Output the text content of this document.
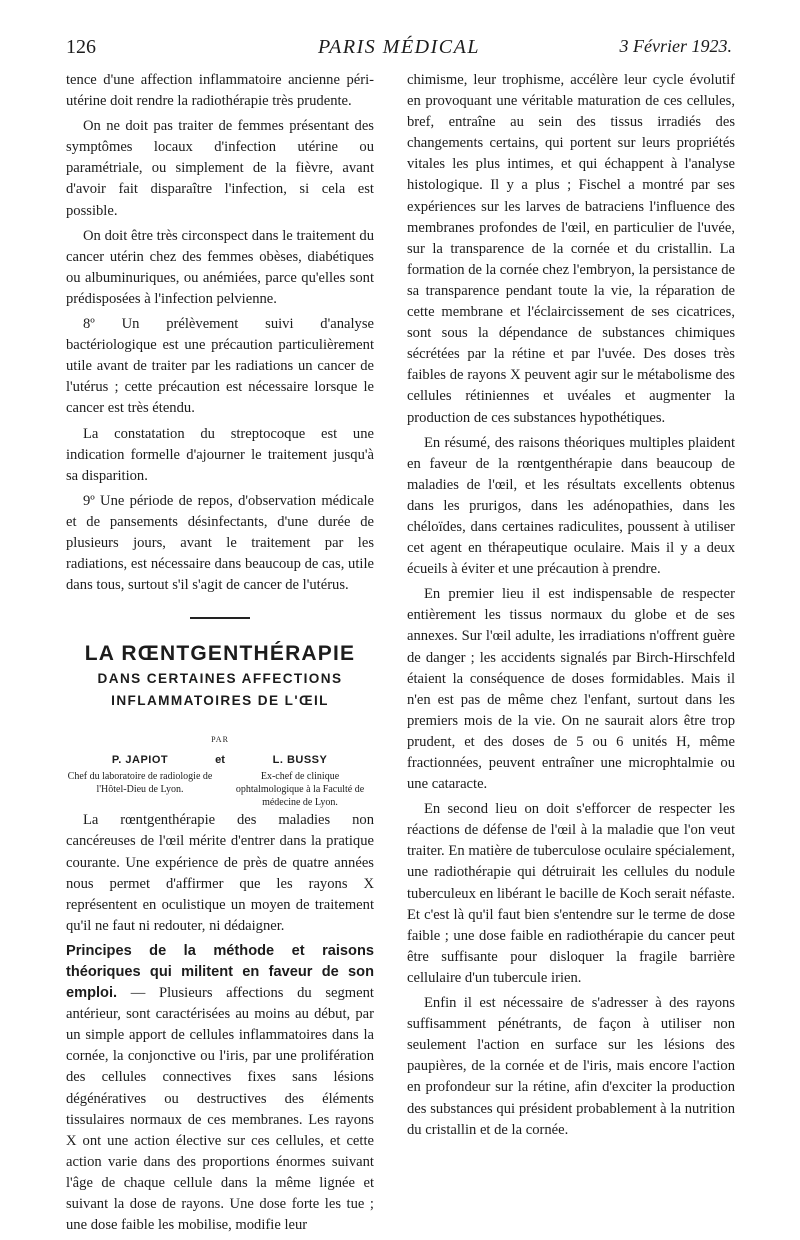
126	PARIS MÉDICAL	3 Février 1923.

tence d'une affection inflammatoire ancienne péri-utérine doit rendre la radiothérapie très prudente.

On ne doit pas traiter de femmes présentant des symptômes locaux d'infection utérine ou paramétriale, ou simplement de la fièvre, avant d'avoir fait disparaître l'infection, si cela est possible.

On doit être très circonspect dans le traitement du cancer utérin chez des femmes obèses, diabétiques ou albuminuriques, ou anémiées, parce qu'elles sont prédisposées à l'infection pelvienne.

8º Un prélèvement suivi d'analyse bactériologique est une précaution particulièrement utile avant de traiter par les radiations un cancer de l'utérus ; cette précaution est nécessaire lorsque le cancer est très étendu.

La constatation du streptocoque est une indication formelle d'ajourner le traitement jusqu'à sa disparition.

9º Une période de repos, d'observation médicale et de pansements désinfectants, d'une durée de plusieurs jours, avant le traitement par les radiations, est nécessaire dans beaucoup de cas, utile dans tous, surtout s'il s'agit de cancer de l'utérus.

LA RŒNTGENTHÉRAPIE
DANS CERTAINES AFFECTIONS
INFLAMMATOIRES DE L'ŒIL
PAR
P. JAPIOT
Chef du laboratoire de radiologie de l'Hôtel-Dieu de Lyon.
et	L. BUSSY
Ex-chef de clinique ophtalmologique à la Faculté de médecine de Lyon.

La rœntgenthérapie des maladies non cancéreuses de l'œil mérite d'entrer dans la pratique courante. Une expérience de près de quatre années nous permet d'affirmer que les rayons X représentent en oculistique un moyen de traitement qu'il ne faut ni redouter, ni dédaigner.

Principes de la méthode et raisons théoriques qui militent en faveur de son emploi. — Plusieurs affections du segment antérieur, sont caractérisées au moins au début, par un simple apport de cellules inflammatoires dans la cornée, la conjonctive ou l'iris, par une prolifération des cellules connectives fixes sans lésions dégénératives ou destructives des éléments tissulaires normaux de ces membranes. Les rayons X ont une action élective sur ces cellules, et cette action varie dans des proportions énormes suivant l'âge de chaque cellule dans la même lignée et suivant la dose de rayons. Une dose forte les tue ; une dose faible les mobilise, modifie leur

chimisme, leur trophisme, accélère leur cycle évolutif en provoquant une véritable maturation de ces cellules, bref, entraîne au sein des tissus irradiés des changements certains, qui portent sur leurs propriétés vitales les plus intimes, et qui échappent à l'analyse histologique. Il y a plus ; Fischel a montré par ses expériences sur les larves de batraciens l'influence des membranes profondes de l'œil, en particulier de l'uvée, sur la transparence de la cornée et du cristallin. La formation de la cornée chez l'embryon, la persistance de sa transparence pendant toute la vie, la réparation de cette membrane et l'éclaircissement de ses cicatrices, sont sous la dépendance de substances chimiques sécrétées par la rétine et par l'uvée. Des doses très faibles de rayons X peuvent agir sur le métabolisme des cellules rétiniennes et uvéales et augmenter la production de ces substances hypothétiques.

En résumé, des raisons théoriques multiples plaident en faveur de la rœntgenthérapie dans beaucoup de maladies de l'œil, et les résultats excellents obtenus dans les prurigos, dans les adénopathies, dans les chéloïdes, dans certaines radiculites, poussent à utiliser cet agent en thérapeutique oculaire. Mais il y a deux écueils à éviter et une précaution à prendre.

En premier lieu il est indispensable de respecter entièrement les tissus normaux du globe et de ses annexes. Sur l'œil adulte, les irradiations n'offrent guère de danger ; les accidents signalés par Birch-Hirschfeld étaient la conséquence de doses formidables. Mais il n'en est pas de même chez l'enfant, surtout dans les premiers mois de la vie. On ne saurait alors être trop prudent, et des doses de 5 ou 6 unités H, même fractionnées, peuvent entraîner une microphtalmie ou une cataracte.

En second lieu on doit s'efforcer de respecter les réactions de défense de l'œil à la maladie que l'on veut traiter. En matière de tuberculose oculaire spécialement, une radiothérapie qui détruirait les cellules du nodule tuberculeux en libérant le bacille de Koch serait néfaste. Et c'est là qu'il faut bien s'entendre sur le terme de dose faible ; une dose faible en radiothérapie du cancer peut être suffisante pour disloquer la fragile barrière cellulaire d'un tubercule irien.

Enfin il est nécessaire de s'adresser à des rayons suffisamment pénétrants, de façon à utiliser non seulement l'action en surface sur les lésions des paupières, de la cornée et de l'iris, mais encore l'action en profondeur sur la rétine, afin d'exciter la production des substances qui président probablement à la nutrition du cristallin et de la cornée.
